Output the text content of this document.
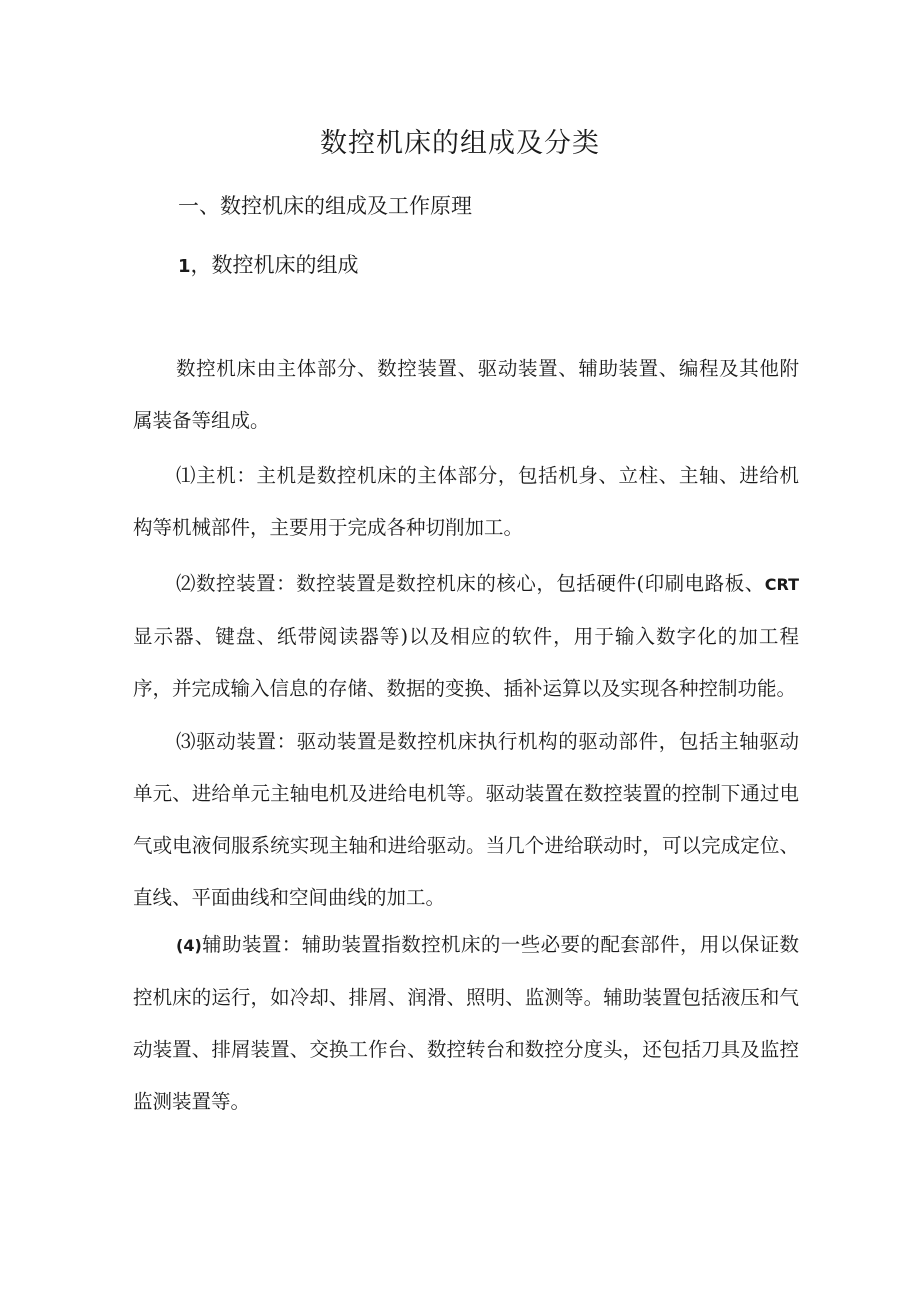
数控机床的组成及分类
一、数控机床的组成及工作原理
1，数控机床的组成

数控机床由主体部分、数控装置、驱动装置、辅助装置、编程及其他附属装备等组成。

⑴主机：主机是数控机床的主体部分，包括机身、立柱、主轴、进给机构等机械部件，主要用于完成各种切削加工。

⑵数控装置：数控装置是数控机床的核心，包括硬件(印刷电路板、CRT显示器、键盘、纸带阅读器等)以及相应的软件，用于输入数字化的加工程序，并完成输入信息的存储、数据的变换、插补运算以及实现各种控制功能。

⑶驱动装置：驱动装置是数控机床执行机构的驱动部件，包括主轴驱动单元、进给单元主轴电机及进给电机等。驱动装置在数控装置的控制下通过电气或电液伺服系统实现主轴和进给驱动。当几个进给联动时，可以完成定位、直线、平面曲线和空间曲线的加工。

(4)辅助装置：辅助装置指数控机床的一些必要的配套部件，用以保证数控机床的运行，如冷却、排屑、润滑、照明、监测等。辅助装置包括液压和气动装置、排屑装置、交换工作台、数控转台和数控分度头，还包括刀具及监控监测装置等。
